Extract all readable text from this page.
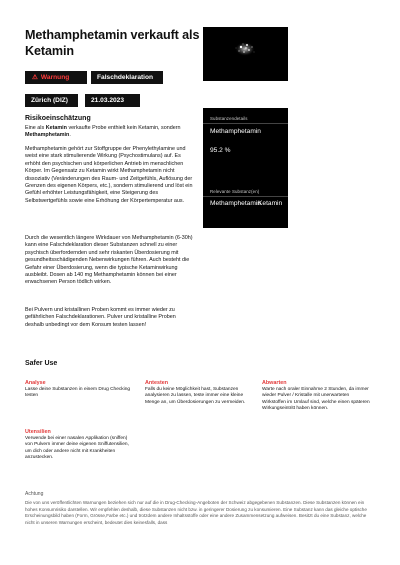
Methamphetamin verkauft als Ketamin
⚠ Warnung	Falschdeklaration
Zürich (DIZ)	21.03.2023
Risikoeinschätzung
Eine als Ketamin verkaufte Probe enthielt kein Ketamin, sondern Methamphetamin.
Methamphetamin gehört zur Stoffgruppe der Phenylethylamine und weist eine stark stimulierende Wirkung (Psychostimulans) auf. Es erhöht den psychischen und körperlichen Antrieb im menschlichen Körper. Im Gegensatz zu Ketamin wirkt Methamphetamin nicht dissoziativ (Veränderungen des Raum- und Zeitgefühls, Auflösung der Grenzen des eigenen Körpers, etc.), sondern stimulierend und löst ein Gefühl erhöhter Leistungsfähigkeit, eine Steigerung des Selbstwertgefühls sowie eine Erhöhung der Körpertemperatur aus.
Durch die wesentlich längere Wirkdauer von Methamphetamin (6-30h) kann eine Falschdeklaration dieser Substanzen schnell zu einer psychisch überfordernden und sehr riskanten Überdosierung mit gesundheitsschädigenden Nebenwirkungen führen. Auch besteht die Gefahr einer Überdosierung, wenn die typische Ketaminwirkung ausbleibt. Dosen ab 140 mg Methamphetamin können bei einer erwachsenen Person tödlich wirken.
Bei Pulvern und kristallinen Proben kommt es immer wieder zu gefährlichen Falschdeklarationen. Pulver und kristalline Proben deshalb unbedingt vor dem Konsum testen lassen!
Substanzendetails
Methamphetamin
95.2 %
Relevante Substanz(en)
Methamphetamin
Ketamin
Safer Use
Analyse
Lasse deine Substanzen in einem Drug Checking testen
Antesten
Falls du keine Möglichkeit hast, Substanzen analysieren zu lassen, teste immer eine kleine Menge an, um Überdosierungen zu vermeiden.
Abwarten
Warte nach oraler Einnahme 2 Stunden, da immer wieder Pulver / Kristalle mit unerwarteten Wirkstoffen im Umlauf sind, welche einen späteren Wirkungseintritt haben können.
Utensilien
Verwende bei einer nasalen Applikation (sniffen) von Pulvern immer deine eigenen Sniffutensilien, um dich oder andere nicht mit Krankheiten anzustecken.
Achtung
Die von uns veröffentlichten Warnungen beziehen sich nur auf die in Drug-Checking-Angeboten der Schweiz abgegebenen Substanzen. Diese Substanzen können ein hohes Konsumrisiko darstellen. Wir empfehlen deshalb, diese Substanzen nicht bzw. in geringerer Dosierung zu konsumieren. Eine Substanz kann das gleiche optische Erscheinungsbild haben (Form, Grösse,Farbe etc.) und trotzdem andere Inhaltsstoffe oder eine andere Zusammensetzung aufweisen. Besitzt du eine Substanz, welche nicht in unseren Warnungen erscheint, bedeutet dies keinesfalls, dass
